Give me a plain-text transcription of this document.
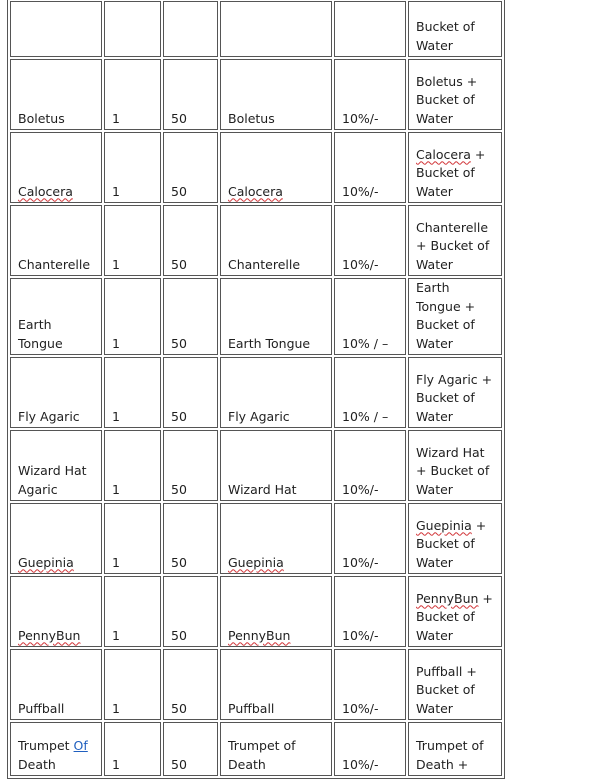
					Bucket of Water
Boletus	1	50	Boletus	10%/-	Boletus + Bucket of Water
Calocera	1	50	Calocera	10%/-	Calocera + Bucket of Water
Chanterelle	1	50	Chanterelle	10%/-	Chanterelle + Bucket of Water
Earth Tongue	1	50	Earth Tongue	10% / –	Earth Tongue + Bucket of Water
Fly Agaric	1	50	Fly Agaric	10% / –	Fly Agaric + Bucket of Water
Wizard Hat Agaric	1	50	Wizard Hat	10%/-	Wizard Hat + Bucket of Water
Guepinia	1	50	Guepinia	10%/-	Guepinia + Bucket of Water
PennyBun	1	50	PennyBun	10%/-	PennyBun + Bucket of Water
Puffball	1	50	Puffball	10%/-	Puffball + Bucket of Water
Trumpet Of Death	1	50	Trumpet of Death	10%/-	Trumpet of Death +
